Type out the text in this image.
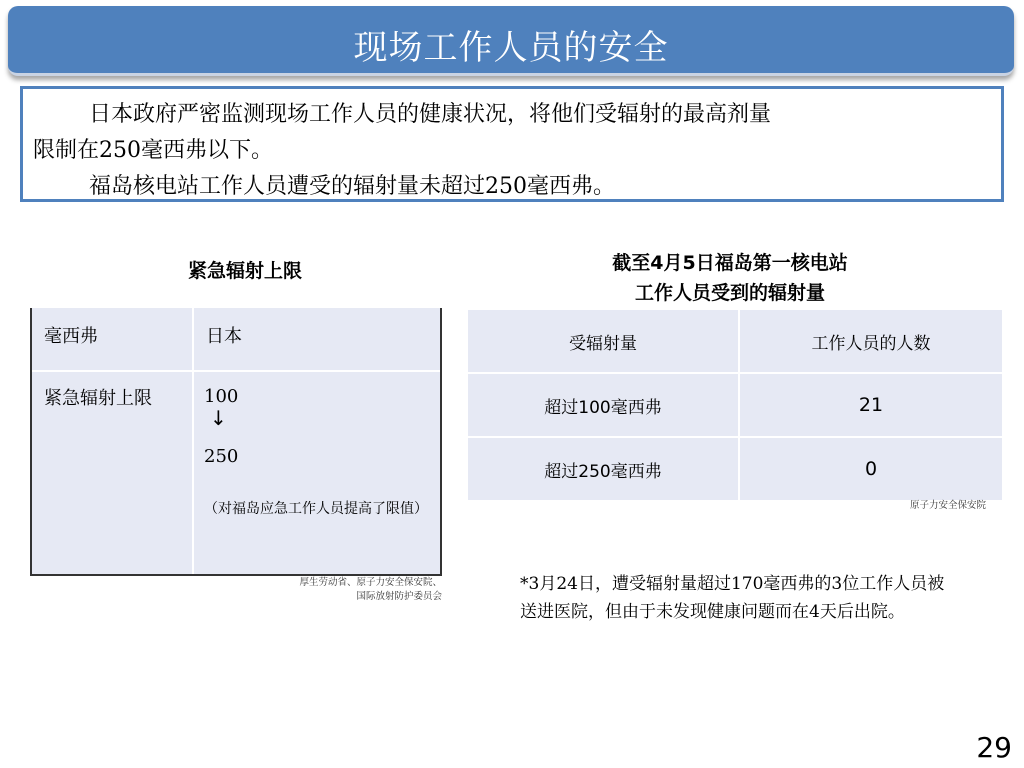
现场工作人员的安全

日本政府严密监测现场工作人员的健康状况，将他们受辐射的最高剂量
限制在250毫西弗以下。

福岛核电站工作人员遭受的辐射量未超过250毫西弗。

紧急辐射上限	截至4月5日福岛第一核电站
工作人员受到的辐射量
毫西弗	日本
紧急辐射上限	100
↓
250
（对福岛应急工作人员提高了限值）
厚生劳动省、原子力安全保安院、
国际放射防护委员会
受辐射量	工作人员的人数
超过100毫西弗	21
超过250毫西弗	0
原子力安全保安院
*3月24日，遭受辐射量超过170毫西弗的3位工作人员被送进医院，但由于未发现健康问题而在4天后出院。
29
